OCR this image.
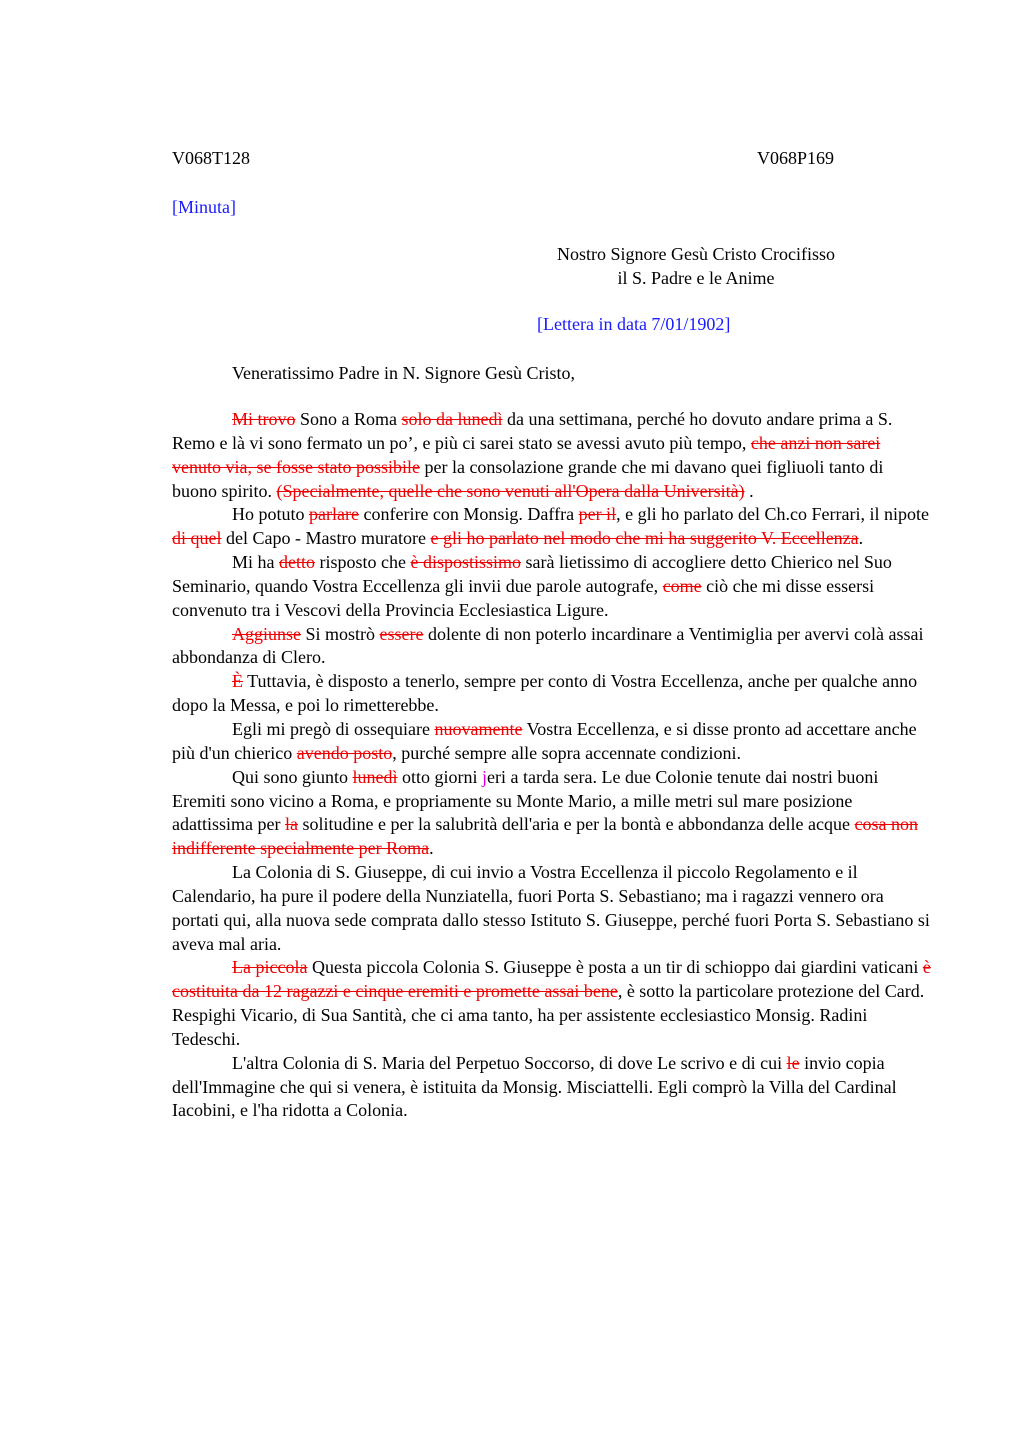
V068T128	V068P169
[Minuta]
Nostro Signore Gesù Cristo Crocifisso
il S. Padre e le Anime
[Lettera in data 7/01/1902]
Veneratissimo Padre in N. Signore Gesù Cristo,

Mi trovo Sono a Roma solo da lunedì da una settimana, perché ho dovuto andare prima a S. Remo e là vi sono fermato un po’, e più ci sarei stato se avessi avuto più tempo, che anzi non sarei venuto via, se fosse stato possibile per la consolazione grande che mi davano quei figliuoli tanto di buono spirito. (Specialmente, quelle che sono venuti all'Opera dalla Università) .

Ho potuto parlare conferire con Monsig. Daffra per il, e gli ho parlato del Ch.co Ferrari, il nipote di quel del Capo - Mastro muratore e gli ho parlato nel modo che mi ha suggerito V. Eccellenza.

Mi ha detto risposto che è dispostissimo sarà lietissimo di accogliere detto Chierico nel Suo Seminario, quando Vostra Eccellenza gli invii due parole autografe, come ciò che mi disse essersi convenuto tra i Vescovi della Provincia Ecclesiastica Ligure.

Aggiunse Si mostrò essere dolente di non poterlo incardinare a Ventimiglia per avervi colà assai abbondanza di Clero.

È Tuttavia, è disposto a tenerlo, sempre per conto di Vostra Eccellenza, anche per qualche anno dopo la Messa, e poi lo rimetterebbe.

Egli mi pregò di ossequiare nuovamente Vostra Eccellenza, e si disse pronto ad accettare anche più d'un chierico avendo posto, purché sempre alle sopra accennate condizioni.

Qui sono giunto lunedì otto giorni jeri a tarda sera. Le due Colonie tenute dai nostri buoni Eremiti sono vicino a Roma, e propriamente su Monte Mario, a mille metri sul mare posizione adattissima per la solitudine e per la salubrità dell'aria e per la bontà e abbondanza delle acque cosa non indifferente specialmente per Roma.

La Colonia di S. Giuseppe, di cui invio a Vostra Eccellenza il piccolo Regolamento e il Calendario, ha pure il podere della Nunziatella, fuori Porta S. Sebastiano; ma i ragazzi vennero ora portati qui, alla nuova sede comprata dallo stesso Istituto S. Giuseppe, perché fuori Porta S. Sebastiano si aveva mal aria.

La piccola Questa piccola Colonia S. Giuseppe è posta a un tir di schioppo dai giardini vaticani è costituita da 12 ragazzi e cinque eremiti e promette assai bene, è sotto la particolare protezione del Card. Respighi Vicario, di Sua Santità, che ci ama tanto, ha per assistente ecclesiastico Monsig. Radini Tedeschi.

L'altra Colonia di S. Maria del Perpetuo Soccorso, di dove Le scrivo e di cui le invio copia dell'Immagine che qui si venera, è istituita da Monsig. Misciattelli. Egli comprò la Villa del Cardinal Iacobini, e l'ha ridotta a Colonia.
